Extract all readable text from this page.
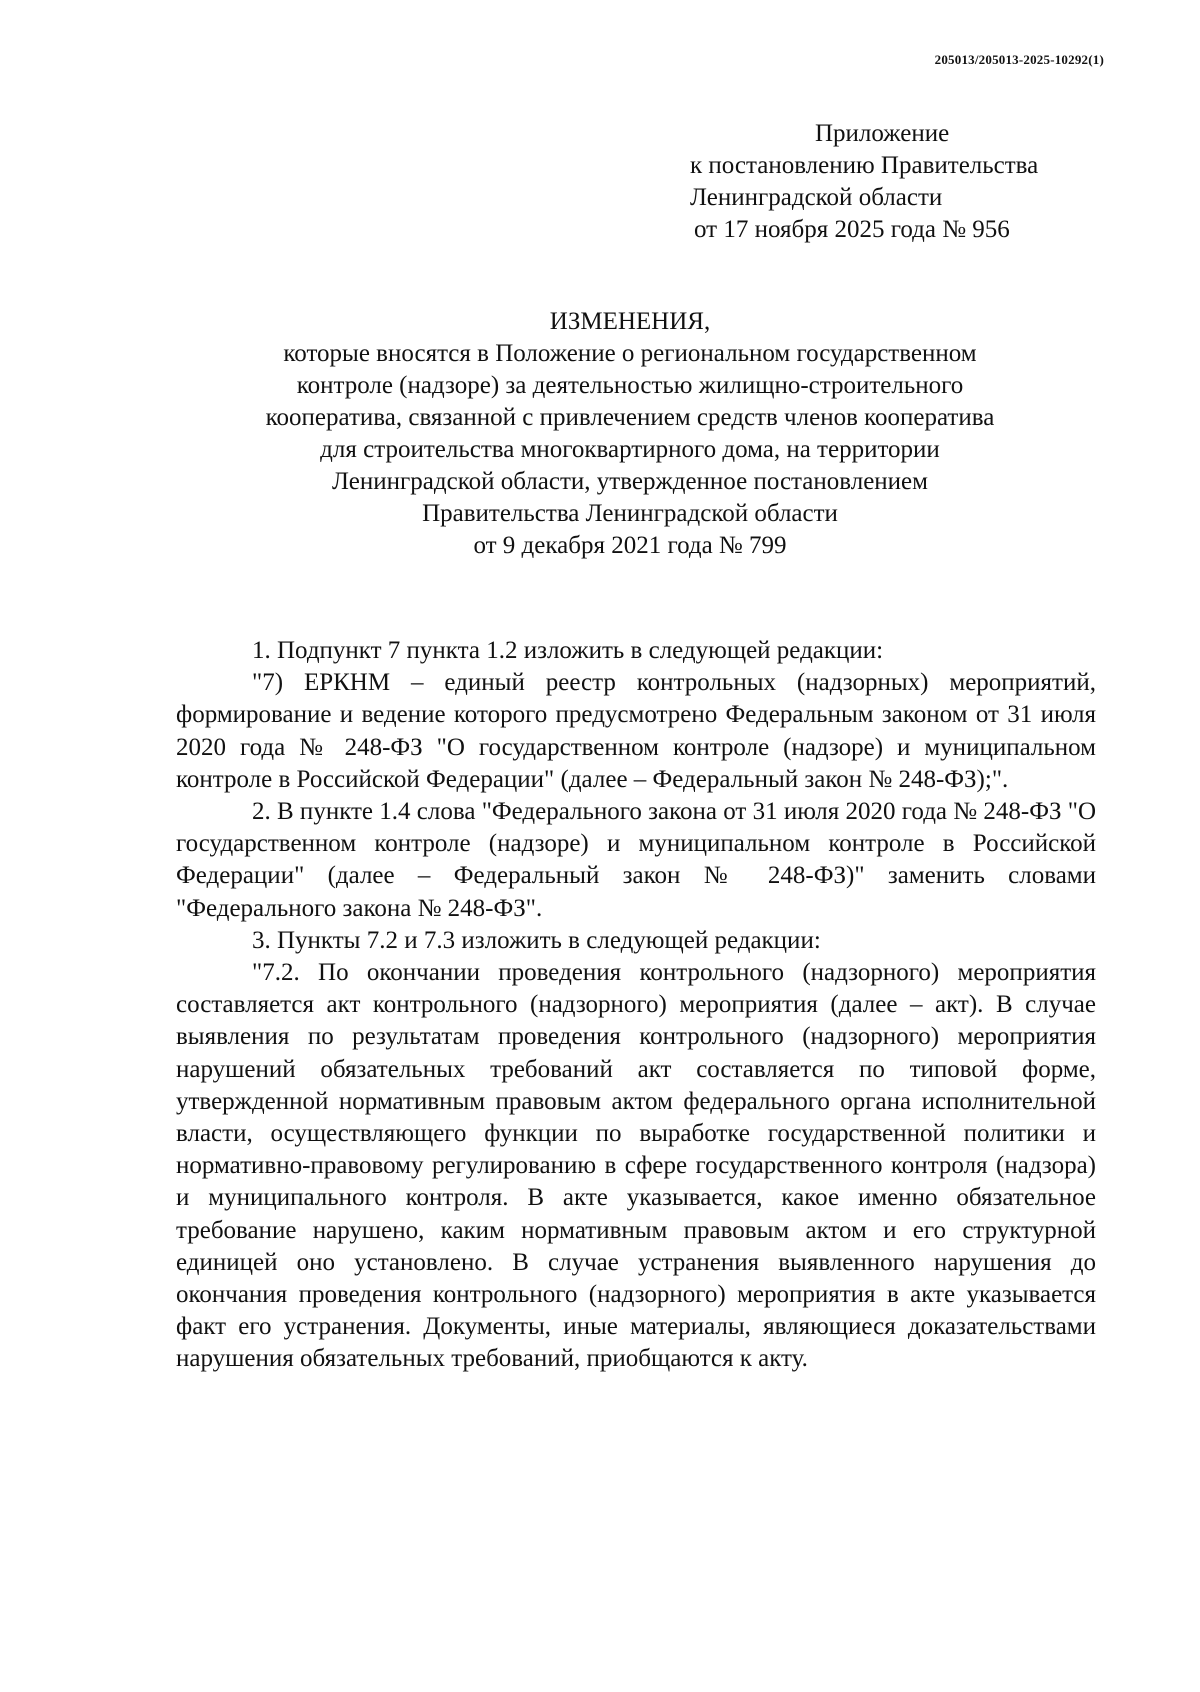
205013/205013-2025-10292(1)
Приложение
к постановлению Правительства
Ленинградской области
от 17 ноября 2025 года № 956
ИЗМЕНЕНИЯ,
которые вносятся в Положение о региональном государственном
контроле (надзоре) за деятельностью жилищно-строительного
кооператива, связанной с привлечением средств членов кооператива
для строительства многоквартирного дома, на территории
Ленинградской области, утвержденное постановлением
Правительства Ленинградской области
от 9 декабря 2021 года № 799

1. Подпункт 7 пункта 1.2 изложить в следующей редакции:

"7) ЕРКНМ – единый реестр контрольных (надзорных) мероприятий, формирование и ведение которого предусмотрено Федеральным законом от 31 июля 2020 года № 248-ФЗ "О государственном контроле (надзоре) и муниципальном контроле в Российской Федерации" (далее – Федеральный закон № 248-ФЗ);".

2. В пункте 1.4 слова "Федерального закона от 31 июля 2020 года № 248-ФЗ "О государственном контроле (надзоре) и муниципальном контроле в Российской Федерации" (далее – Федеральный закон № 248-ФЗ)" заменить словами "Федерального закона № 248-ФЗ".

3. Пункты 7.2 и 7.3 изложить в следующей редакции:

"7.2. По окончании проведения контрольного (надзорного) мероприятия составляется акт контрольного (надзорного) мероприятия (далее – акт). В случае выявления по результатам проведения контрольного (надзорного) мероприятия нарушений обязательных требований акт составляется по типовой форме, утвержденной нормативным правовым актом федерального органа исполнительной власти, осуществляющего функции по выработке государственной политики и нормативно-правовому регулированию в сфере государственного контроля (надзора) и муниципального контроля. В акте указывается, какое именно обязательное требование нарушено, каким нормативным правовым актом и его структурной единицей оно установлено. В случае устранения выявленного нарушения до окончания проведения контрольного (надзорного) мероприятия в акте указывается факт его устранения. Документы, иные материалы, являющиеся доказательствами нарушения обязательных требований, приобщаются к акту.
